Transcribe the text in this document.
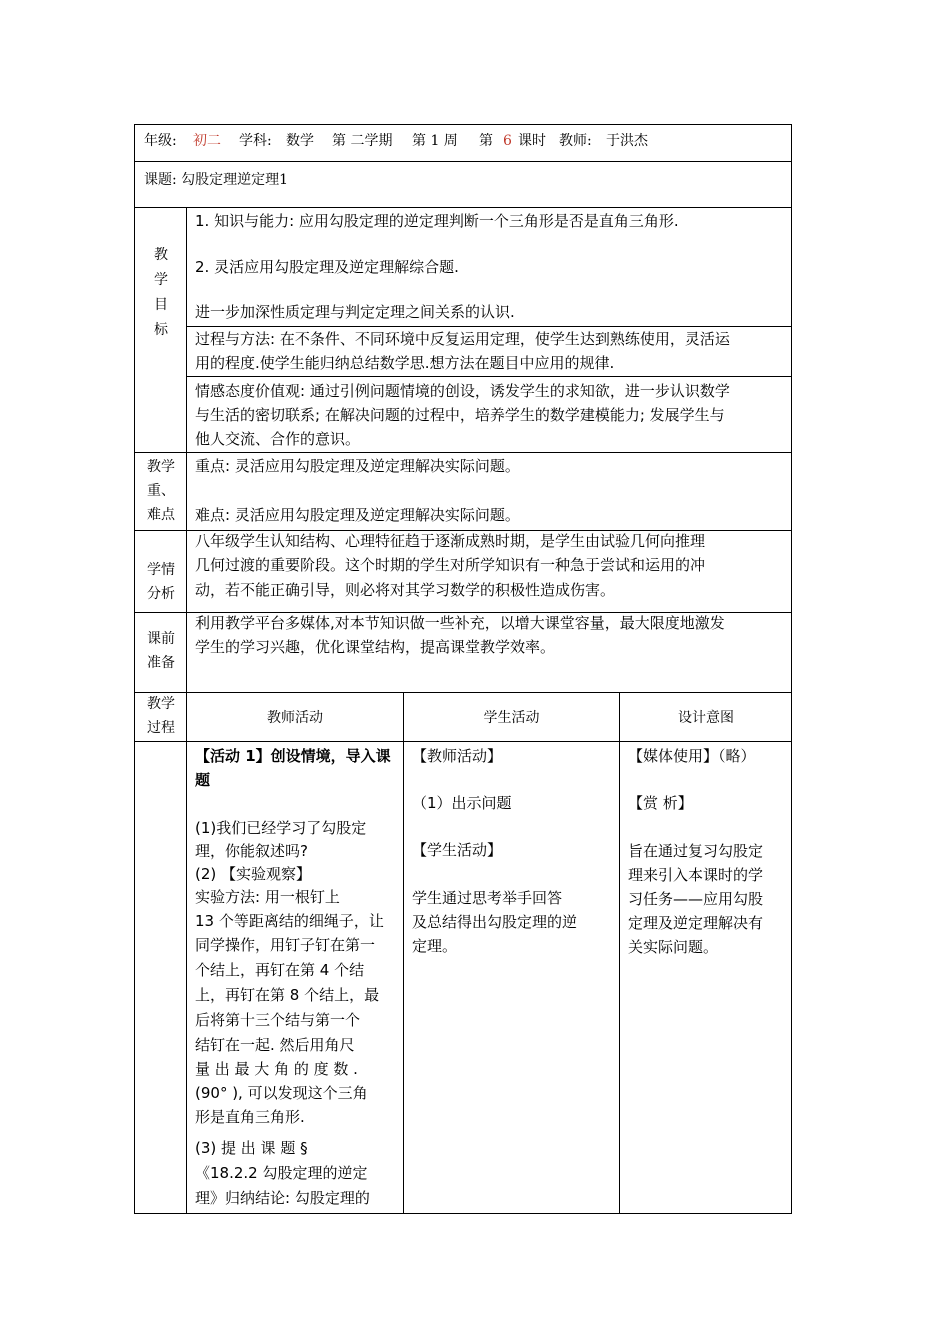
年级: 初二 学科: 数学 第 二学期 第 1 周 第 6 课时 教师: 于洪杰
课题: 勾股定理逆定理1
教
学
目
标
1. 知识与能力: 应用勾股定理的逆定理判断一个三角形是否是直角三角形.
2. 灵活应用勾股定理及逆定理解综合题.
进一步加深性质定理与判定定理之间关系的认识.
过程与方法: 在不条件、不同环境中反复运用定理，使学生达到熟练使用，灵活运
用的程度.使学生能归纳总结数学思.想方法在题目中应用的规律.
情感态度价值观: 通过引例问题情境的创设，诱发学生的求知欲，进一步认识数学
与生活的密切联系; 在解决问题的过程中，培养学生的数学建模能力; 发展学生与
他人交流、合作的意识。
教学
重、
难点
重点: 灵活应用勾股定理及逆定理解决实际问题。
难点: 灵活应用勾股定理及逆定理解决实际问题。
学情
分析
八年级学生认知结构、心理特征趋于逐渐成熟时期，是学生由试验几何向推理
几何过渡的重要阶段。这个时期的学生对所学知识有一种急于尝试和运用的冲
动，若不能正确引导，则必将对其学习数学的积极性造成伤害。
课前
准备
利用教学平台多媒体,对本节知识做一些补充，以增大课堂容量，最大限度地激发
学生的学习兴趣，优化课堂结构，提高课堂教学效率。
教学
过程
教师活动	学生活动	设计意图
【活动 1】创设情境，导入课
题
(1)我们已经学习了勾股定
理，你能叙述吗?
(2) 【实验观察】
实验方法: 用一根钉上
13 个等距离结的细绳子，让
同学操作，用钉子钉在第一
个结上，再钉在第 4 个结
上，再钉在第 8 个结上，最
后将第十三个结与第一个
结钉在一起. 然后用角尺
量 出 最 大 角 的 度 数 .
(90° ), 可以发现这个三角
形是直角三角形.
(3) 提 出 课 题 §
《18.2.2 勾股定理的逆定
理》归纳结论: 勾股定理的
【教师活动】
（1）出示问题
【学生活动】
学生通过思考举手回答
及总结得出勾股定理的逆
定理。
【媒体使用】（略）
【赏 析】
旨在通过复习勾股定
理来引入本课时的学
习任务——应用勾股
定理及逆定理解决有
关实际问题。
